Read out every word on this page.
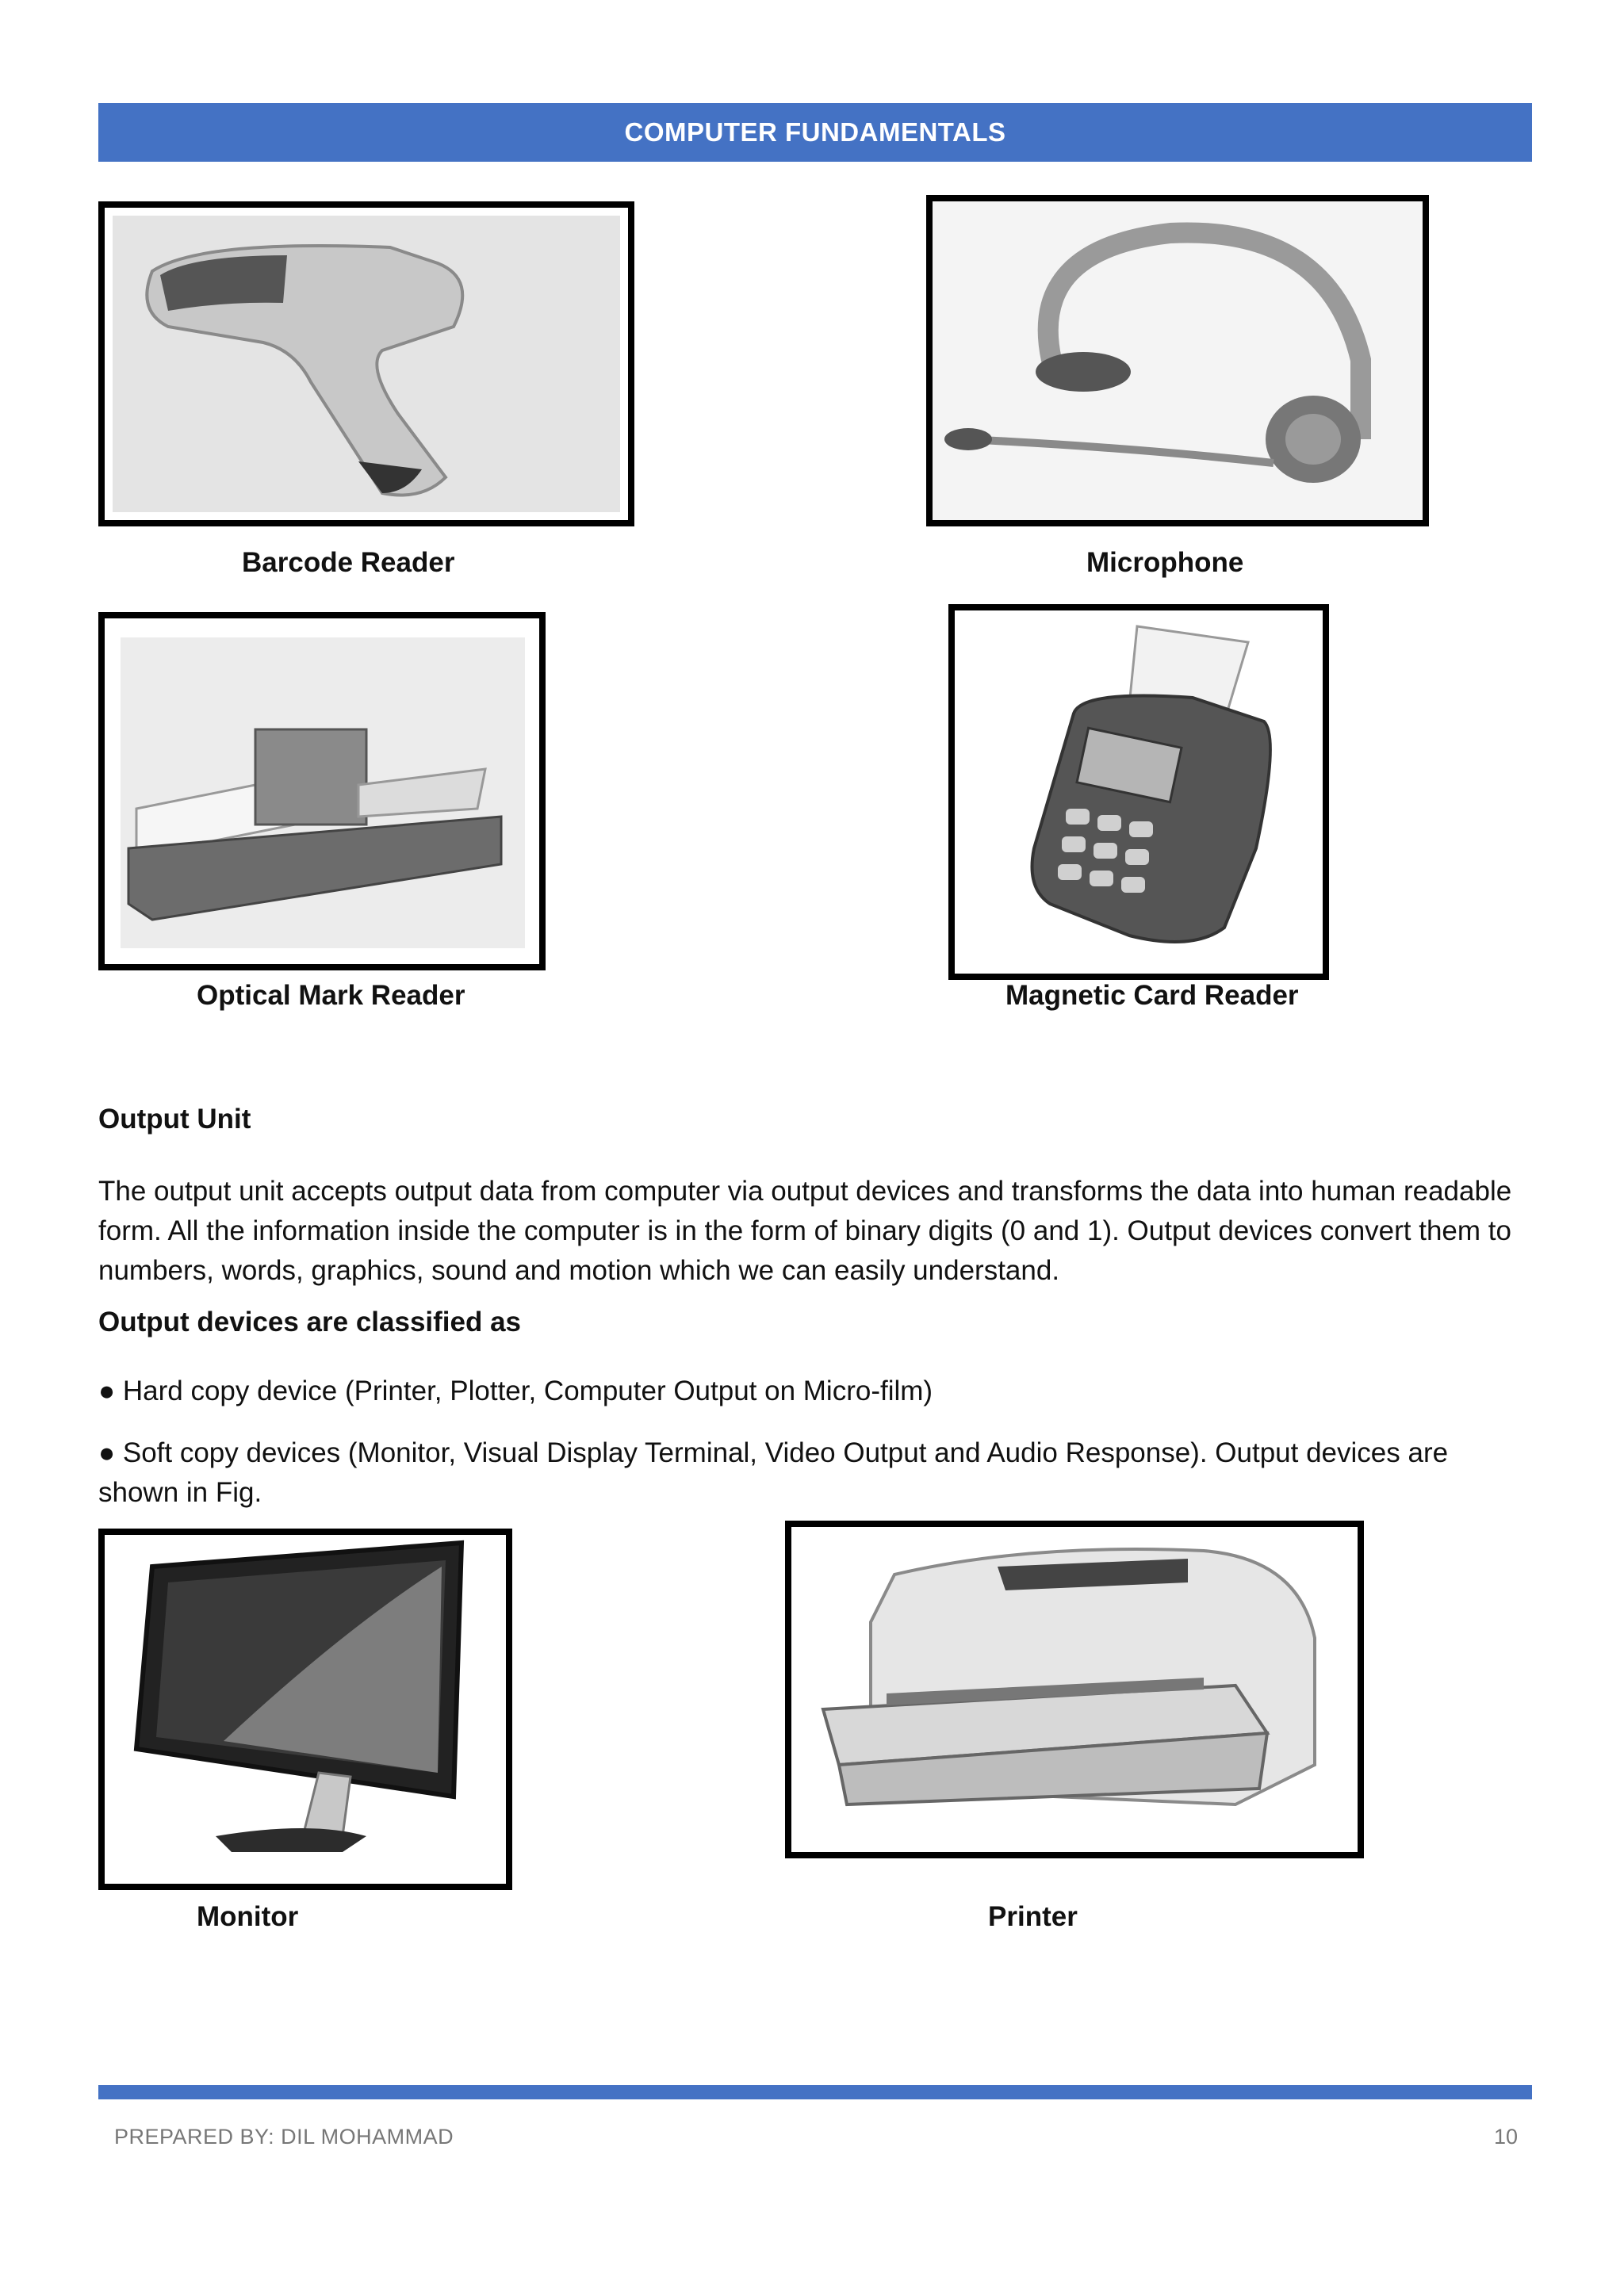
COMPUTER FUNDAMENTALS
Barcode Reader	Microphone
Optical Mark Reader	Magnetic Card Reader
Output Unit
The output unit accepts output data from computer via output devices and transforms the data into human readable form. All the information inside the computer is in the form of binary digits (0 and 1). Output devices convert them to numbers, words, graphics, sound and motion which we can easily understand.
Output devices are classified as
● Hard copy device (Printer, Plotter, Computer Output on Micro-film)
● Soft copy devices (Monitor, Visual Display Terminal, Video Output and Audio Response). Output devices are shown in Fig.
Monitor	Printer
PREPARED BY: DIL MOHAMMAD	10
